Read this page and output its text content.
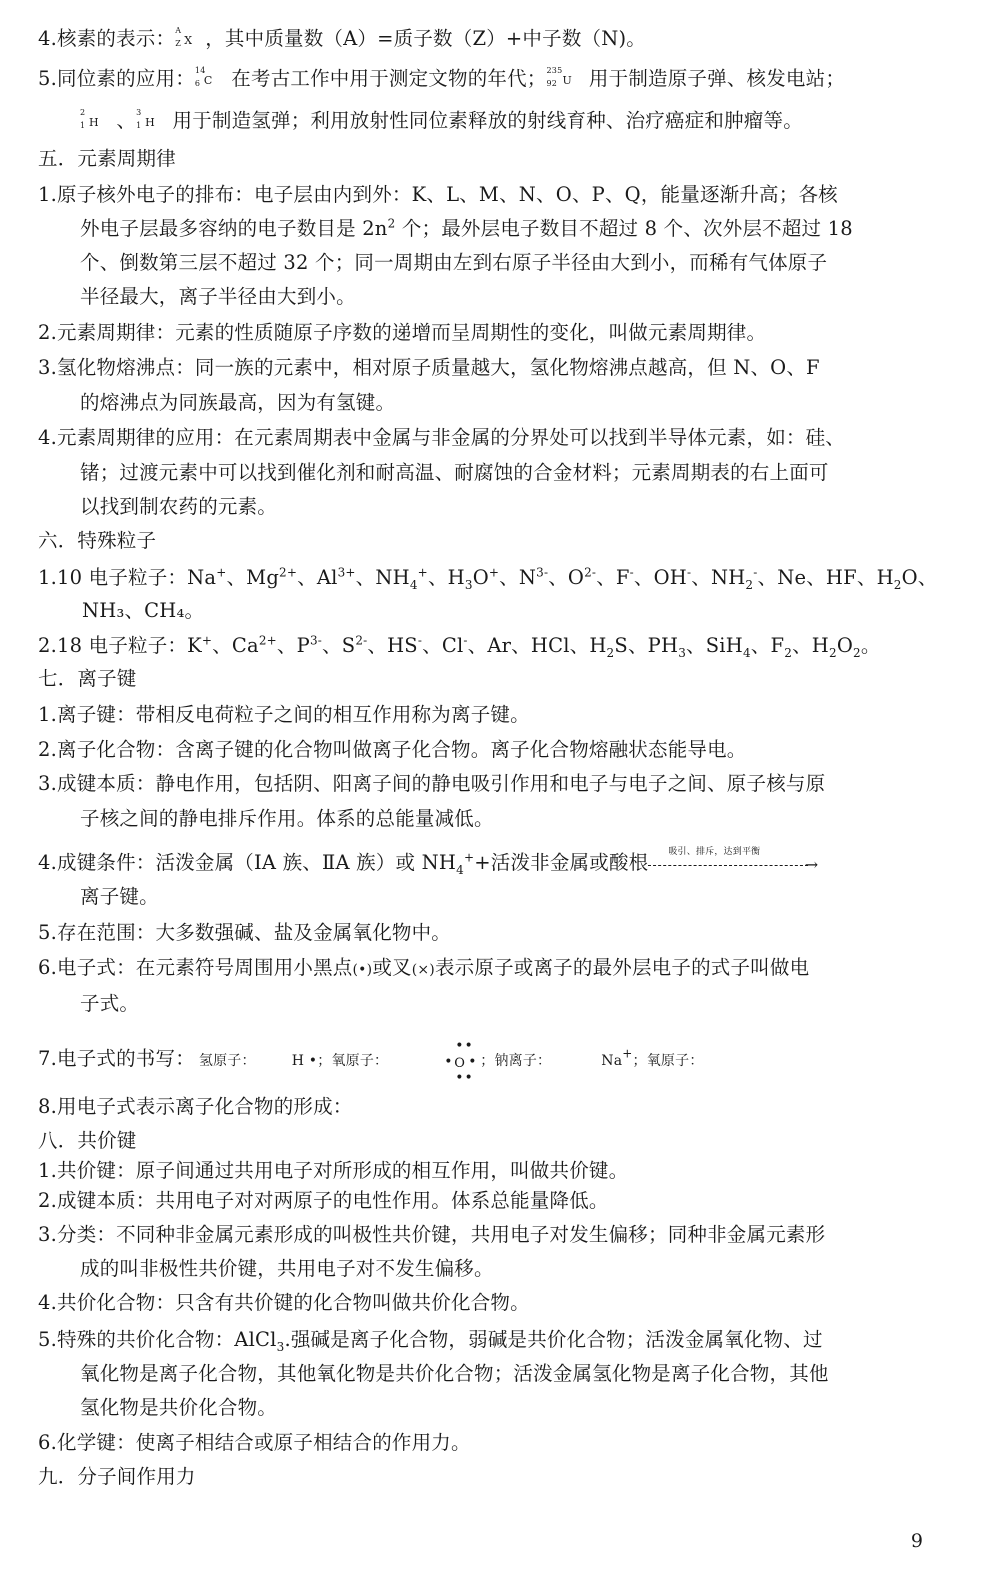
4.核素的表示： A
Z X ，其中质量数（A）=质子数（Z）+中子数（N)。
5.同位素的应用： 14
6 C 在考古工作中用于测定文物的年代； 235
92 U 用于制造原子弹、核发电站；
2
1 H 、 3
1 H 用于制造氢弹；利用放射性同位素释放的射线育种、治疗癌症和肿瘤等。
五．元素周期律
1.原子核外电子的排布：电子层由内到外：K、L、M、N、O、P、Q，能量逐渐升高；各核
外电子层最多容纳的电子数目是 $2n^2$ 个；最外层电子数目不超过 8 个、次外层不超过 18
个、倒数第三层不超过 32 个；同一周期由左到右原子半径由大到小，而稀有气体原子
半径最大，离子半径由大到小。
2.元素周期律：元素的性质随原子序数的递增而呈周期性的变化，叫做元素周期律。
3.氢化物熔沸点：同一族的元素中，相对原子质量越大，氢化物熔沸点越高，但 N、O、F
的熔沸点为同族最高，因为有氢键。
4.元素周期律的应用：在元素周期表中金属与非金属的分界处可以找到半导体元素，如：硅、
锗；过渡元素中可以找到催化剂和耐高温、耐腐蚀的合金材料；元素周期表的右上面可
以找到制农药的元素。
六．特殊粒子
1.10 电子粒子：Na+、$Mg^{2+}$、$Al^{3+}$、$NH_4^+$、$H_3O^+$、$N^{3-}$、$O^{2-}$、F-、OH-、$NH_2^-$、Ne、HF、$H_2O$、
NH₃、CH₄。
2.18 电子粒子：K+、$Ca^{2+}$、$P^{3-}$、$S^{2-}$、HS-、Cl-、Ar、HCl、$H_2S$、$PH_3$、SiH$_4$、$F_2$、$H_2O_2$。
七．离子键
1.离子键：带相反电荷粒子之间的相互作用称为离子键。
2.离子化合物：含离子键的化合物叫做离子化合物。离子化合物熔融状态能导电。
3.成键本质：静电作用，包括阴、阳离子间的静电吸引作用和电子与电子之间、原子核与原
子核之间的静电排斥作用。体系的总能量减低。
4.成键条件：活泼金属（ⅠA 族、ⅡA 族）或 $NH_4^++$活泼非金属或酸根 吸引、排斥，达到平衡
→
离子键。
5.存在范围：大多数强碱、盐及金属氧化物中。
6.电子式：在元素符号周围用小黑点(•)或叉(×)表示原子或离子的最外层电子的式子叫做电
子式。
7.电子式的书写： 氢原子：	H •；氧原子：
••
• O •
••
；钠离子：	Na+；氧原子：
8.用电子式表示离子化合物的形成：
八．共价键
1.共价键：原子间通过共用电子对所形成的相互作用，叫做共价键。
2.成键本质：共用电子对对两原子的电性作用。体系总能量降低。
3.分类：不同种非金属元素形成的叫极性共价键，共用电子对发生偏移；同种非金属元素形
成的叫非极性共价键，共用电子对不发生偏移。
4.共价化合物：只含有共价键的化合物叫做共价化合物。
5.特殊的共价化合物：AlCl$_3$.强碱是离子化合物，弱碱是共价化合物；活泼金属氧化物、过
氧化物是离子化合物，其他氧化物是共价化合物；活泼金属氢化物是离子化合物，其他
氢化物是共价化合物。
6.化学键：使离子相结合或原子相结合的作用力。
九．分子间作用力
9
